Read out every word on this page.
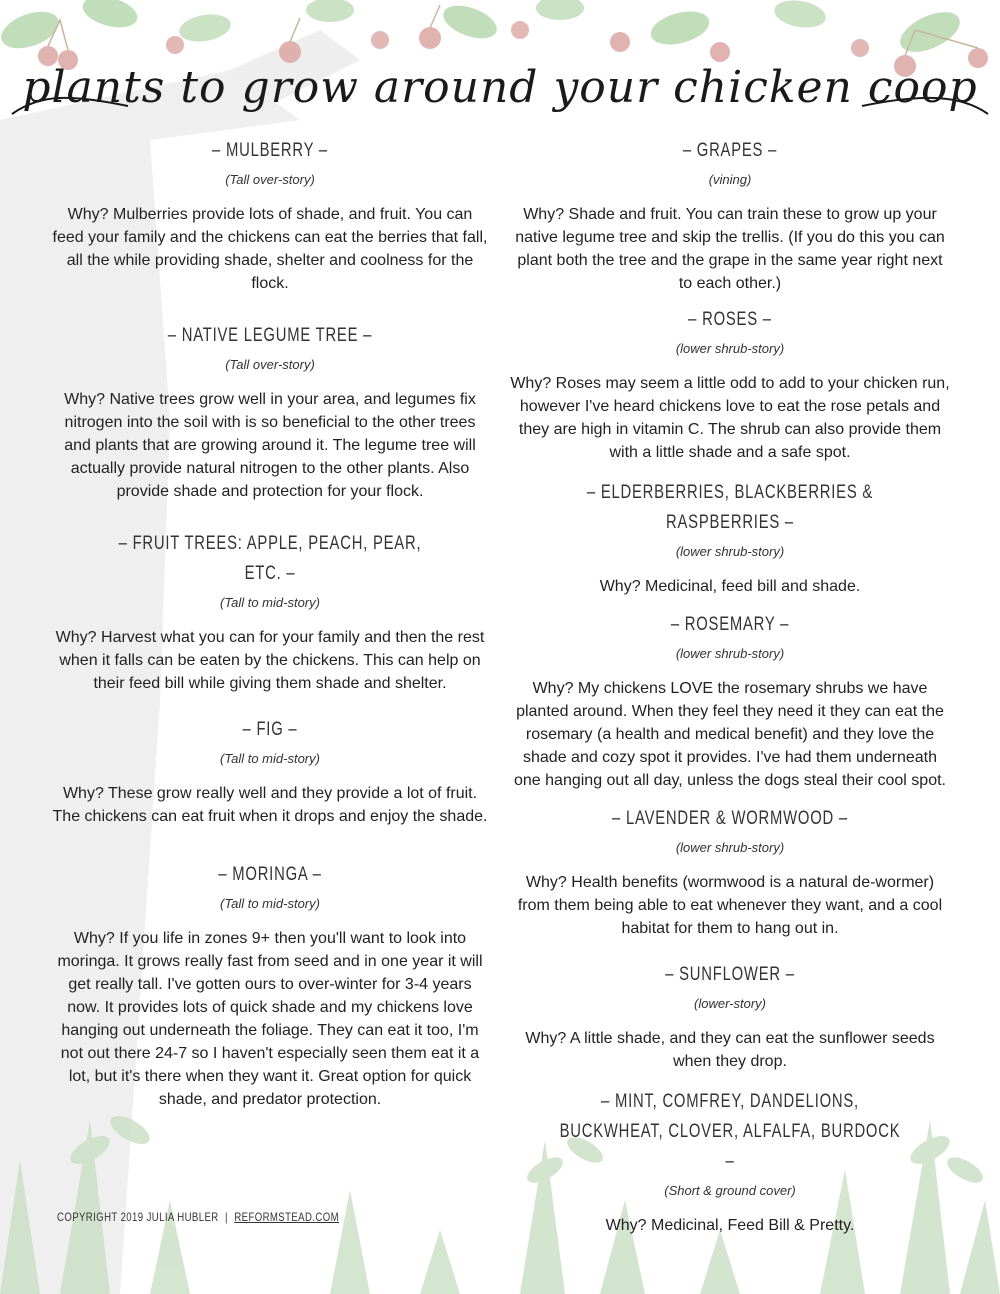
plants to grow around your chicken coop
– MULBERRY –
(Tall over-story)

Why? Mulberries provide lots of shade, and fruit. You can feed your family and the chickens can eat the berries that fall, all the while providing shade, shelter and coolness for the flock.

– NATIVE LEGUME TREE –
(Tall over-story)

Why? Native trees grow well in your area, and legumes fix nitrogen into the soil with is so beneficial to the other trees and plants that are growing around it. The legume tree will actually provide natural nitrogen to the other plants. Also provide shade and protection for your flock.

– FRUIT TREES: APPLE, PEACH, PEAR, ETC. –
(Tall to mid-story)

Why? Harvest what you can for your family and then the rest when it falls can be eaten by the chickens. This can help on their feed bill while giving them shade and shelter.

– FIG –
(Tall to mid-story)

Why? These grow really well and they provide a lot of fruit. The chickens can eat fruit when it drops and enjoy the shade.

– MORINGA –
(Tall to mid-story)

Why? If you life in zones 9+ then you'll want to look into moringa. It grows really fast from seed and in one year it will get really tall. I've gotten ours to over-winter for 3-4 years now. It provides lots of quick shade and my chickens love hanging out underneath the foliage. They can eat it too, I'm not out there 24-7 so I haven't especially seen them eat it a lot, but it's there when they want it. Great option for quick shade, and predator protection.

– GRAPES –
(vining)

Why? Shade and fruit. You can train these to grow up your native legume tree and skip the trellis. (If you do this you can plant both the tree and the grape in the same year right next to each other.)

– ROSES –
(lower shrub-story)

Why? Roses may seem a little odd to add to your chicken run, however I've heard chickens love to eat the rose petals and they are high in vitamin C. The shrub can also provide them with a little shade and a safe spot.

– ELDERBERRIES, BLACKBERRIES & RASPBERRIES –
(lower shrub-story)

Why? Medicinal, feed bill and shade.

– ROSEMARY –
(lower shrub-story)

Why? My chickens LOVE the rosemary shrubs we have planted around. When they feel they need it they can eat the rosemary (a health and medical benefit) and they love the shade and cozy spot it provides. I've had them underneath one hanging out all day, unless the dogs steal their cool spot.

– LAVENDER & WORMWOOD –
(lower shrub-story)

Why? Health benefits (wormwood is a natural de-wormer) from them being able to eat whenever they want, and a cool habitat for them to hang out in.

– SUNFLOWER –
(lower-story)

Why? A little shade, and they can eat the sunflower seeds when they drop.

– MINT, COMFREY, DANDELIONS, BUCKWHEAT, CLOVER, ALFALFA, BURDOCK –
(Short & ground cover)

Why? Medicinal, Feed Bill & Pretty.

COPYRIGHT 2019 JULIA HUBLER | REFORMSTEAD.COM
